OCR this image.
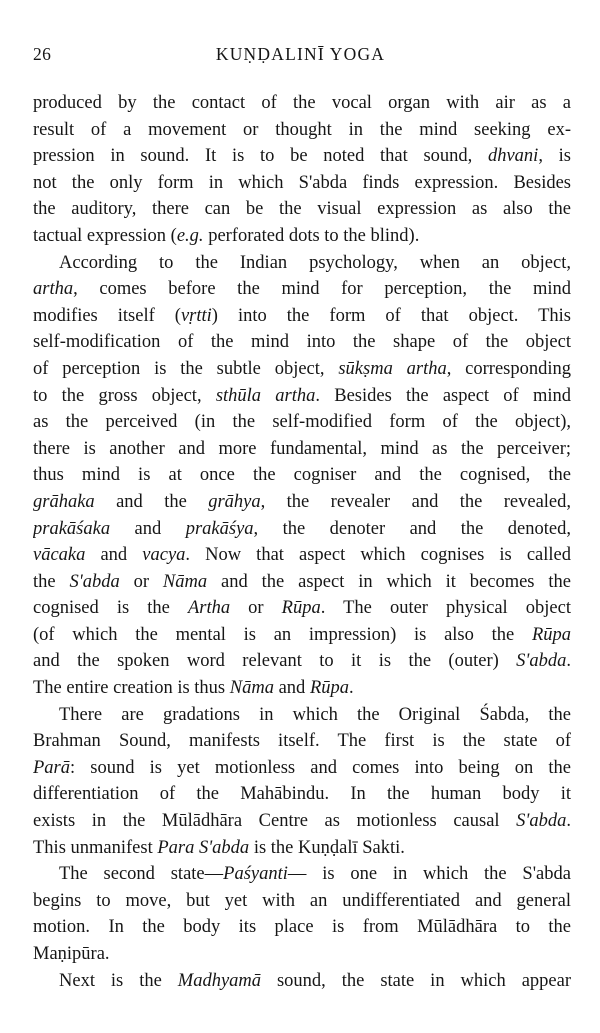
26	KUṆḌALINĪ YOGA
produced by the contact of the vocal organ with air as a
result of a movement or thought in the mind seeking ex-
pression in sound. It is to be noted that sound, dhvani, is
not the only form in which S'abda finds expression. Besides
the auditory, there can be the visual expression as also the
tactual expression (e.g. perforated dots to the blind).
According to the Indian psychology, when an object,
artha, comes before the mind for perception, the mind
modifies itself (vṛtti) into the form of that object. This
self-modification of the mind into the shape of the object
of perception is the subtle object, sūkṣma artha, corresponding
to the gross object, sthūla artha. Besides the aspect of mind
as the perceived (in the self-modified form of the object),
there is another and more fundamental, mind as the perceiver;
thus mind is at once the cogniser and the cognised, the
grāhaka and the grāhya, the revealer and the revealed,
prakāśaka and prakāśya, the denoter and the denoted,
vācaka and vacya. Now that aspect which cognises is called
the S'abda or Nāma and the aspect in which it becomes the
cognised is the Artha or Rūpa. The outer physical object
(of which the mental is an impression) is also the Rūpa
and the spoken word relevant to it is the (outer) S'abda.
The entire creation is thus Nāma and Rūpa.
There are gradations in which the Original Śabda, the
Brahman Sound, manifests itself. The first is the state of
Parā: sound is yet motionless and comes into being on the
differentiation of the Mahābindu. In the human body it
exists in the Mūlādhāra Centre as motionless causal S'abda.
This unmanifest Para S'abda is the Kuṇḍalī Sakti.
The second state—Paśyanti— is one in which the S'abda
begins to move, but yet with an undifferentiated and general
motion. In the body its place is from Mūlādhāra to the
Maṇipūra.
Next is the Madhyamā sound, the state in which appear
